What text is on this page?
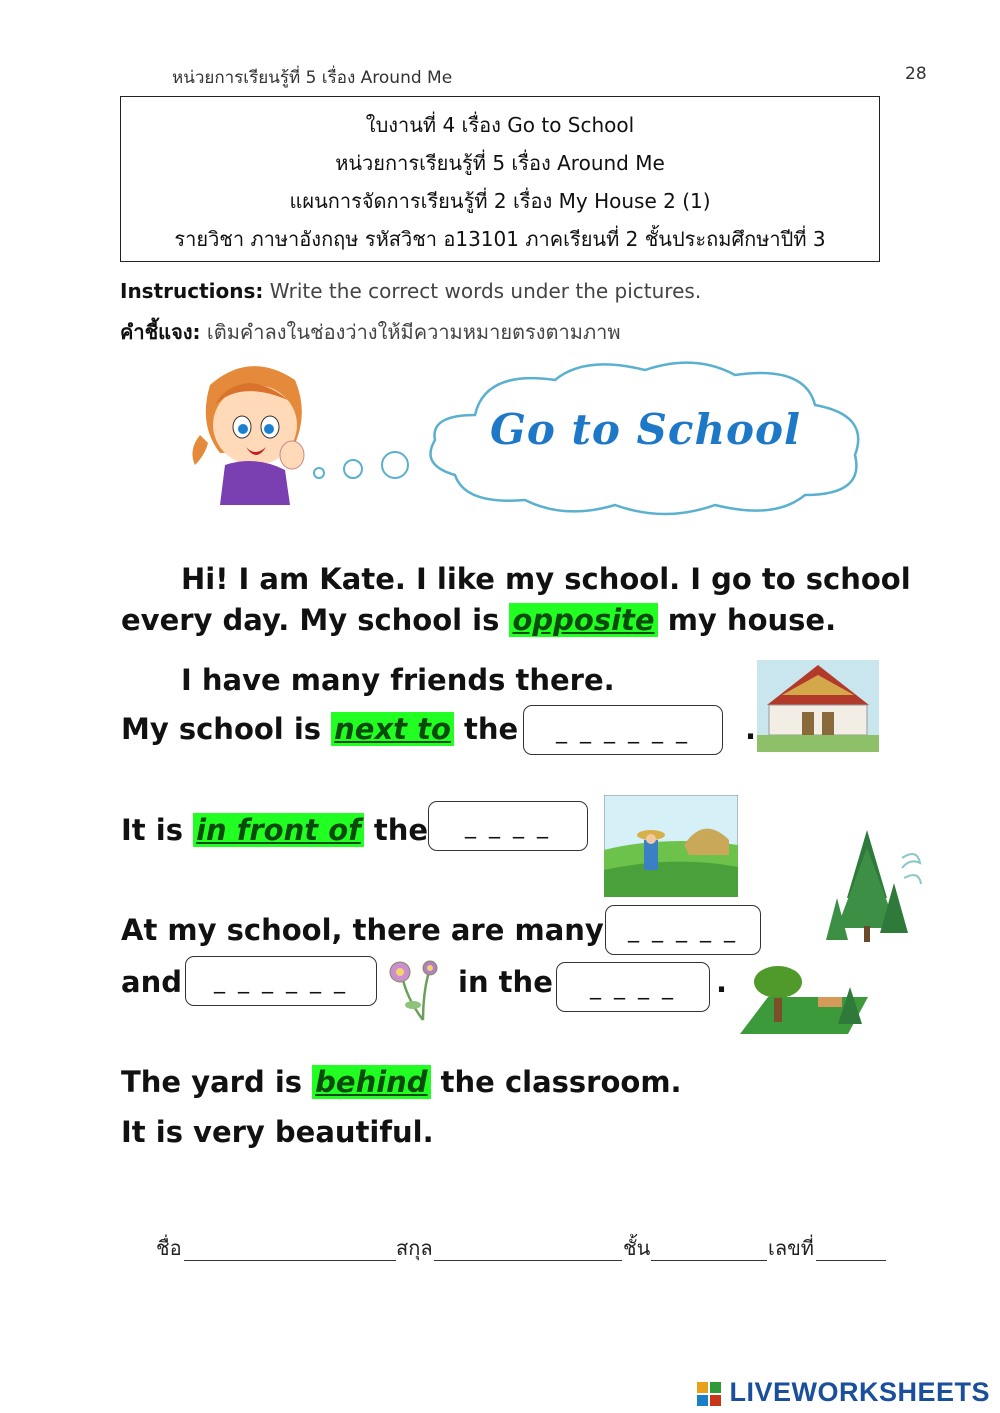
หน่วยการเรียนรู้ที่ 5 เรื่อง Around Me	28
ใบงานที่ 4 เรื่อง Go to School
หน่วยการเรียนรู้ที่ 5 เรื่อง Around Me
แผนการจัดการเรียนรู้ที่ 2 เรื่อง My House 2 (1)
รายวิชา ภาษาอังกฤษ รหัสวิชา อ13101 ภาคเรียนที่ 2 ชั้นประถมศึกษาปีที่ 3
Instructions: Write the correct words under the pictures.
คำชี้แจง: เติมคำลงในช่องว่างให้มีความหมายตรงตามภาพ
Go to School
Hi! I am Kate. I like my school. I go to school
every day. My school is opposite my house.
I have many friends there.
My school is next to the	_ _ _ _ _ _	.
It is in front of the	_ _ _ _
At my school, there are many	_ _ _ _ _
and	_ _ _ _ _ _	in the	_ _ _ _	.
The yard is behind the classroom.
It is very beautiful.
ชื่อ	สกุล	ชั้น	เลขที่
LIVEWORKSHEETS
